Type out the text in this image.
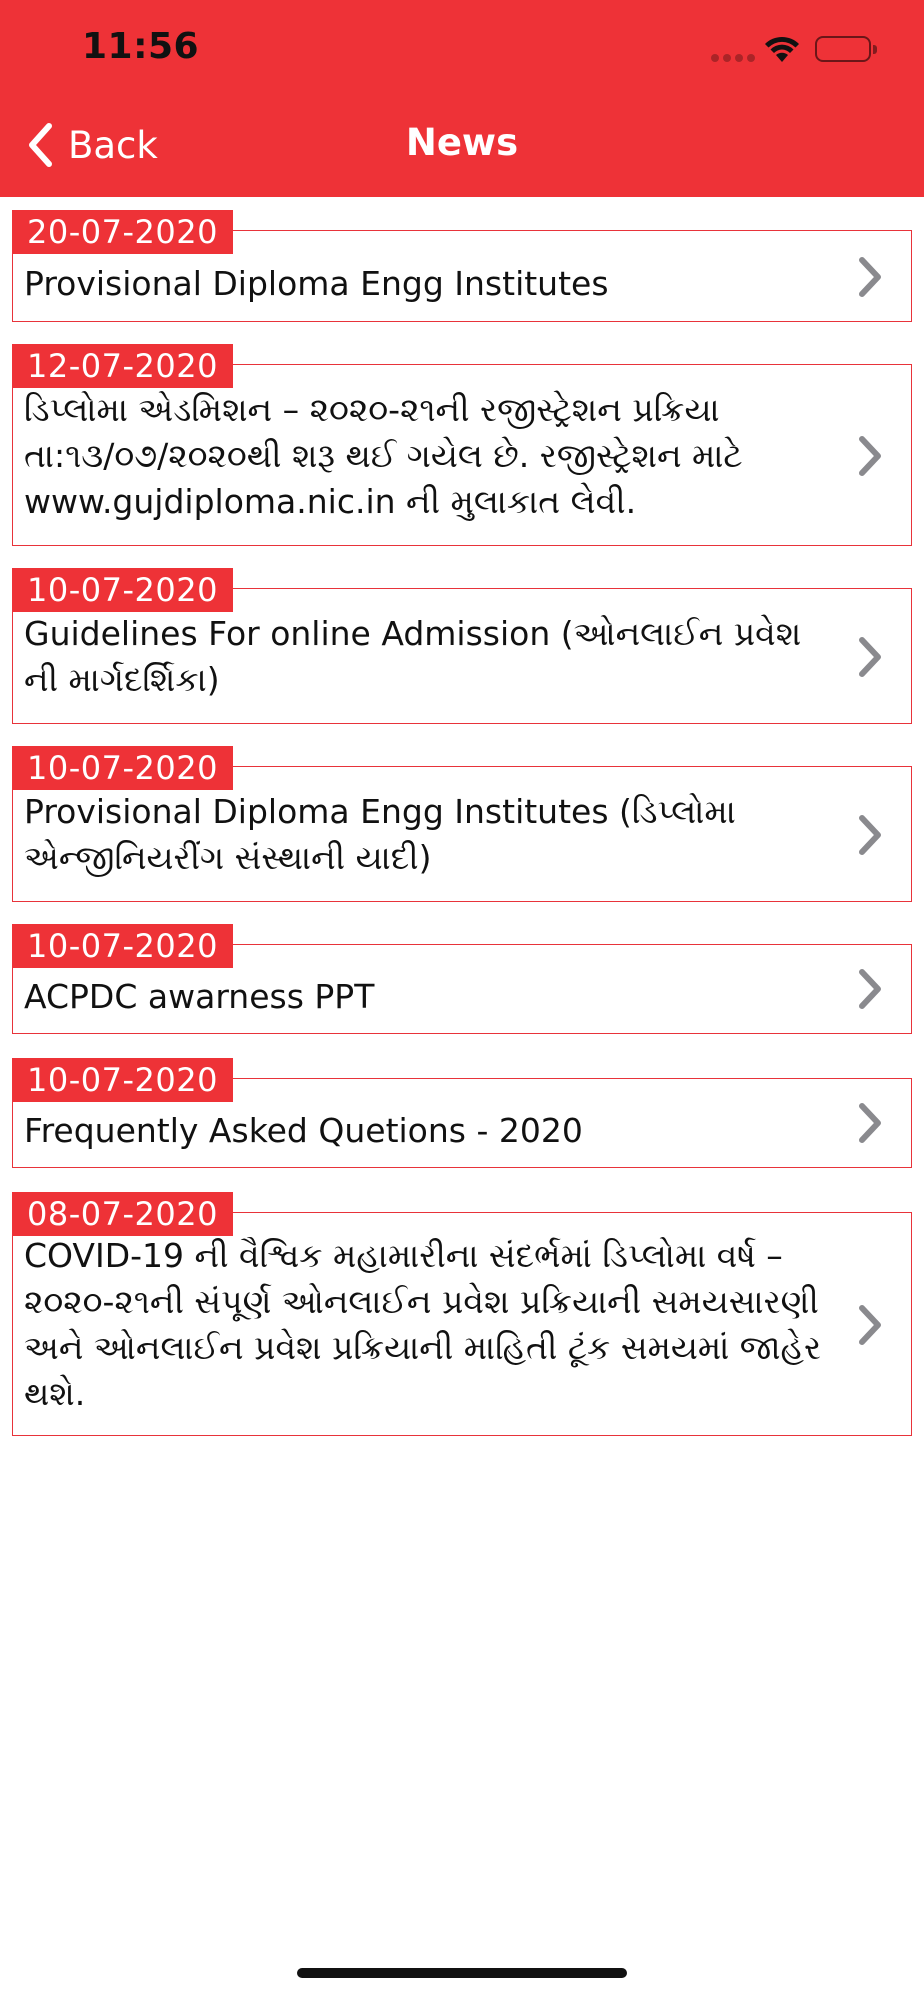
11:56
Back	News
20-07-2020
Provisional Diploma Engg Institutes
12-07-2020
ડિપ્લોમા એડમિશન – ૨૦૨૦-૨૧ની રજીસ્ટ્રેશન પ્રક્રિયા તા:૧૩/૦૭/૨૦૨૦થી શરૂ થઈ ગયેલ છે. રજીસ્ટ્રેશન માટે www.gujdiploma.nic.in ની મુલાકાત લેવી.
10-07-2020
Guidelines For online Admission (ઓનલાઈન પ્રવેશ ની માર્ગદર્શિકા)
10-07-2020
Provisional Diploma Engg Institutes (ડિપ્લોમા એન્જીનિયરીંગ સંસ્થાની યાદી)
10-07-2020
ACPDC awarness PPT
10-07-2020
Frequently Asked Quetions - 2020
08-07-2020
COVID-19 ની વૈશ્વિક મહામારીના સંદર્ભમાં ડિપ્લોમા વર્ષ – ૨૦૨૦-૨૧ની સંપૂર્ણ ઓનલાઈન પ્રવેશ પ્રક્રિયાની સમયસારણી અને ઓનલાઈન પ્રવેશ પ્રક્રિયાની માહિતી ટૂંક સમયમાં જાહેર થશે.
